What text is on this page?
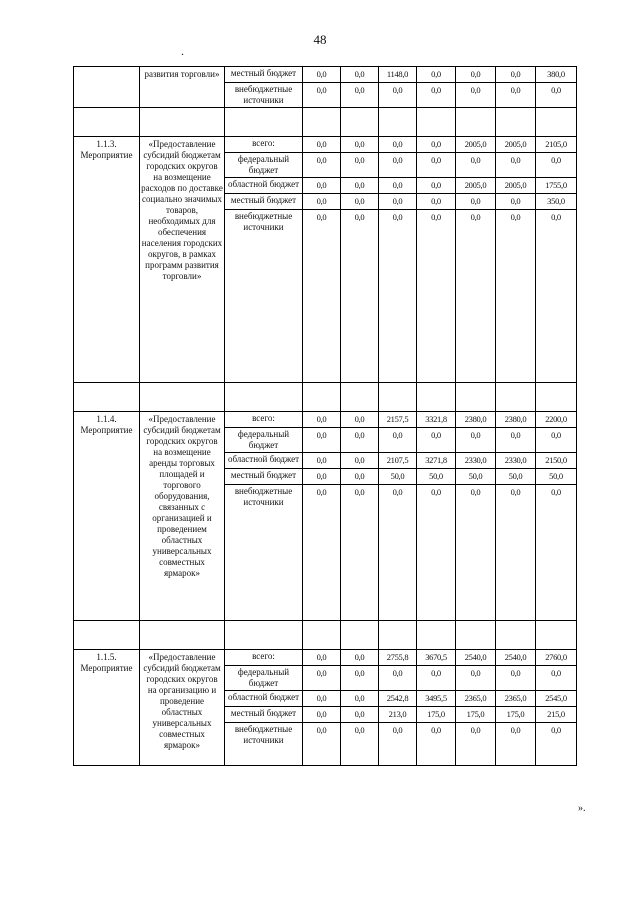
48
.
	развития торговли»	местный бюджет	0,0	0,0	1148,0	0,0	0,0	0,0	380,0
		внебюджетные источники	0,0	0,0	0,0	0,0	0,0	0,0	0,0

1.1.3. Мероприятие	«Предоставление субсидий бюджетам городских округов на возмещение расходов по доставке социально значимых товаров, необходимых для обеспечения населения городских округов, в рамках программ развития торговли»	всего:	0,0	0,0	0,0	0,0	2005,0	2005,0	2105,0
		федеральный бюджет	0,0	0,0	0,0	0,0	0,0	0,0	0,0
		областной бюджет	0,0	0,0	0,0	0,0	2005,0	2005,0	1755,0
		местный бюджет	0,0	0,0	0,0	0,0	0,0	0,0	350,0
		внебюджетные источники	0,0	0,0	0,0	0,0	0,0	0,0	0,0

1.1.4. Мероприятие	«Предоставление субсидий бюджетам городских округов на возмещение аренды торговых площадей и торгового оборудования, связанных с организацией и проведением областных универсальных совместных ярмарок»	всего:	0,0	0,0	2157,5	3321,8	2380,0	2380,0	2200,0
		федеральный бюджет	0,0	0,0	0,0	0,0	0,0	0,0	0,0
		областной бюджет	0,0	0,0	2107,5	3271,8	2330,0	2330,0	2150,0
		местный бюджет	0,0	0,0	50,0	50,0	50,0	50,0	50,0
		внебюджетные источники	0,0	0,0	0,0	0,0	0,0	0,0	0,0

1.1.5. Мероприятие	«Предоставление субсидий бюджетам городских округов на организацию и проведение областных универсальных совместных ярмарок»	всего:	0,0	0,0	2755,8	3670,5	2540,0	2540,0	2760,0
		федеральный бюджет	0,0	0,0	0,0	0,0	0,0	0,0	0,0
		областной бюджет	0,0	0,0	2542,8	3495,5	2365,0	2365,0	2545,0
		местный бюджет	0,0	0,0	213,0	175,0	175,0	175,0	215,0
		внебюджетные источники	0,0	0,0	0,0	0,0	0,0	0,0	0,0
».
